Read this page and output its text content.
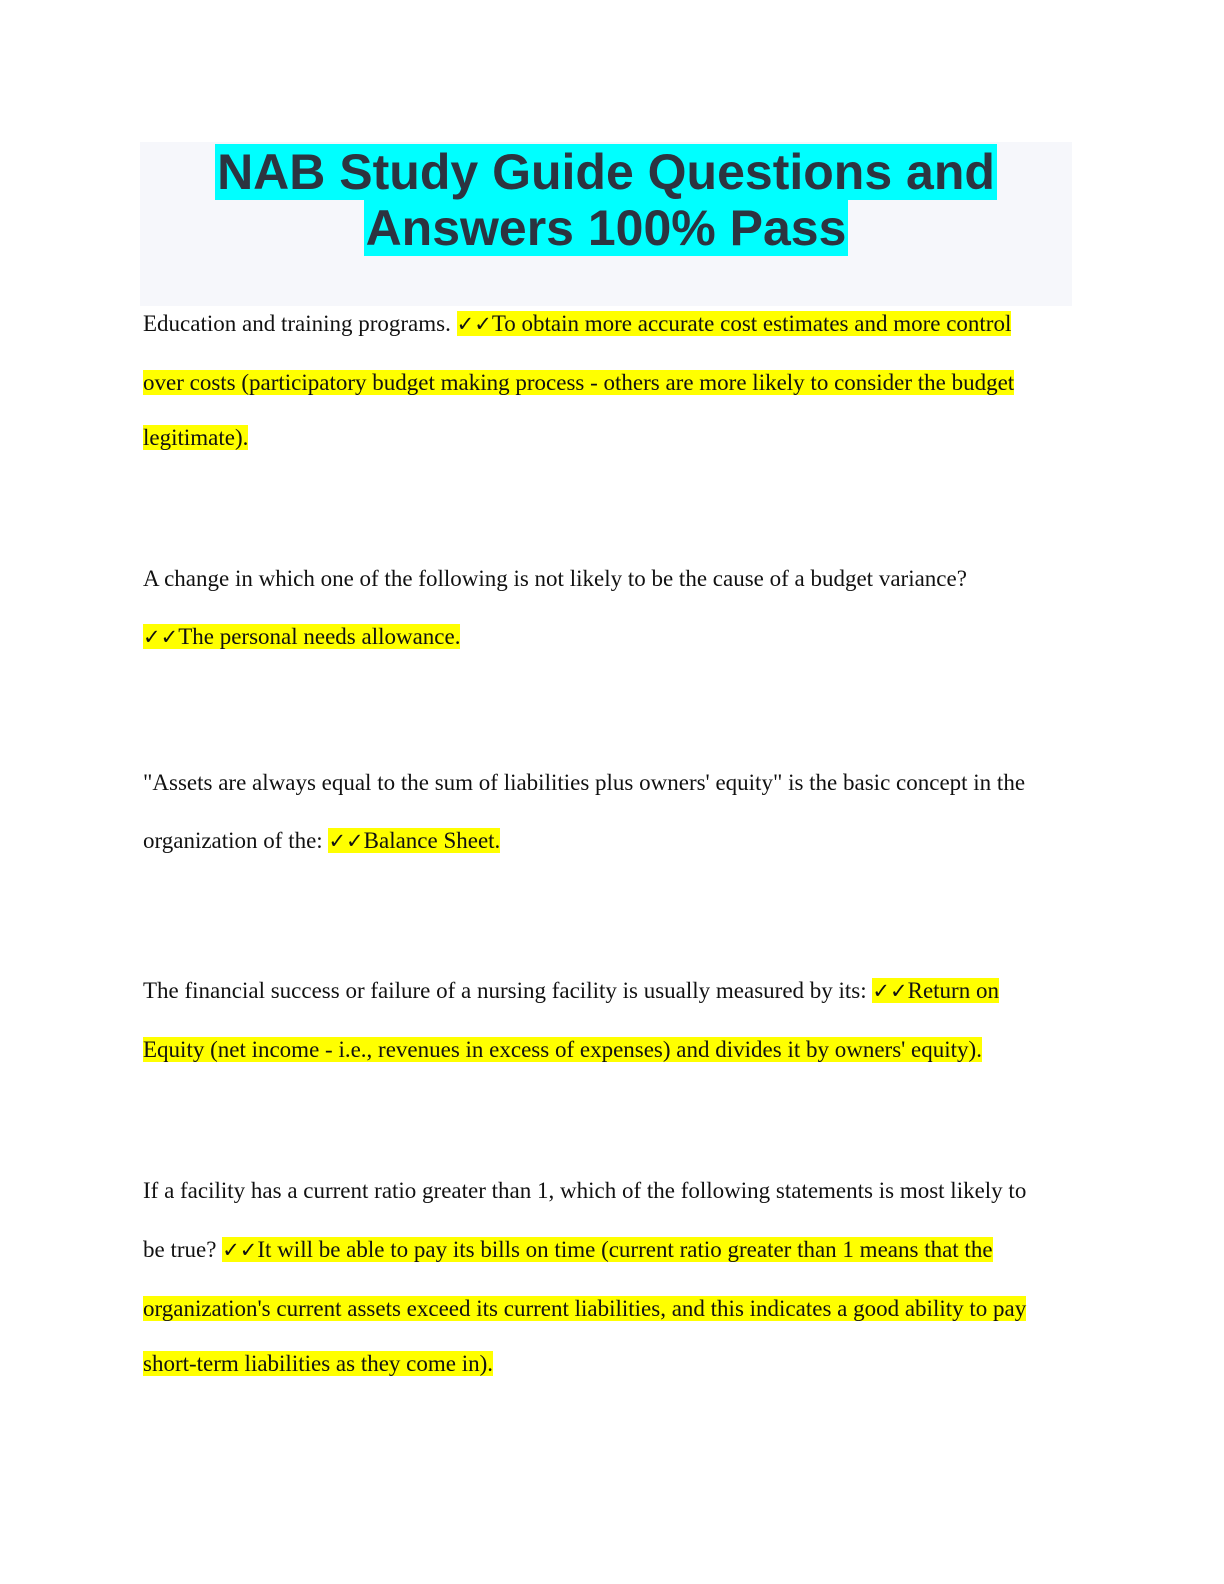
NAB Study Guide Questions and
Answers 100% Pass
Education and training programs. ✓✓To obtain more accurate cost estimates and more control
over costs (participatory budget making process - others are more likely to consider the budget
legitimate).
A change in which one of the following is not likely to be the cause of a budget variance?
✓✓The personal needs allowance.
"Assets are always equal to the sum of liabilities plus owners' equity" is the basic concept in the
organization of the: ✓✓Balance Sheet.
The financial success or failure of a nursing facility is usually measured by its: ✓✓Return on
Equity (net income - i.e., revenues in excess of expenses) and divides it by owners' equity).
If a facility has a current ratio greater than 1, which of the following statements is most likely to
be true? ✓✓It will be able to pay its bills on time (current ratio greater than 1 means that the
organization's current assets exceed its current liabilities, and this indicates a good ability to pay
short-term liabilities as they come in).
